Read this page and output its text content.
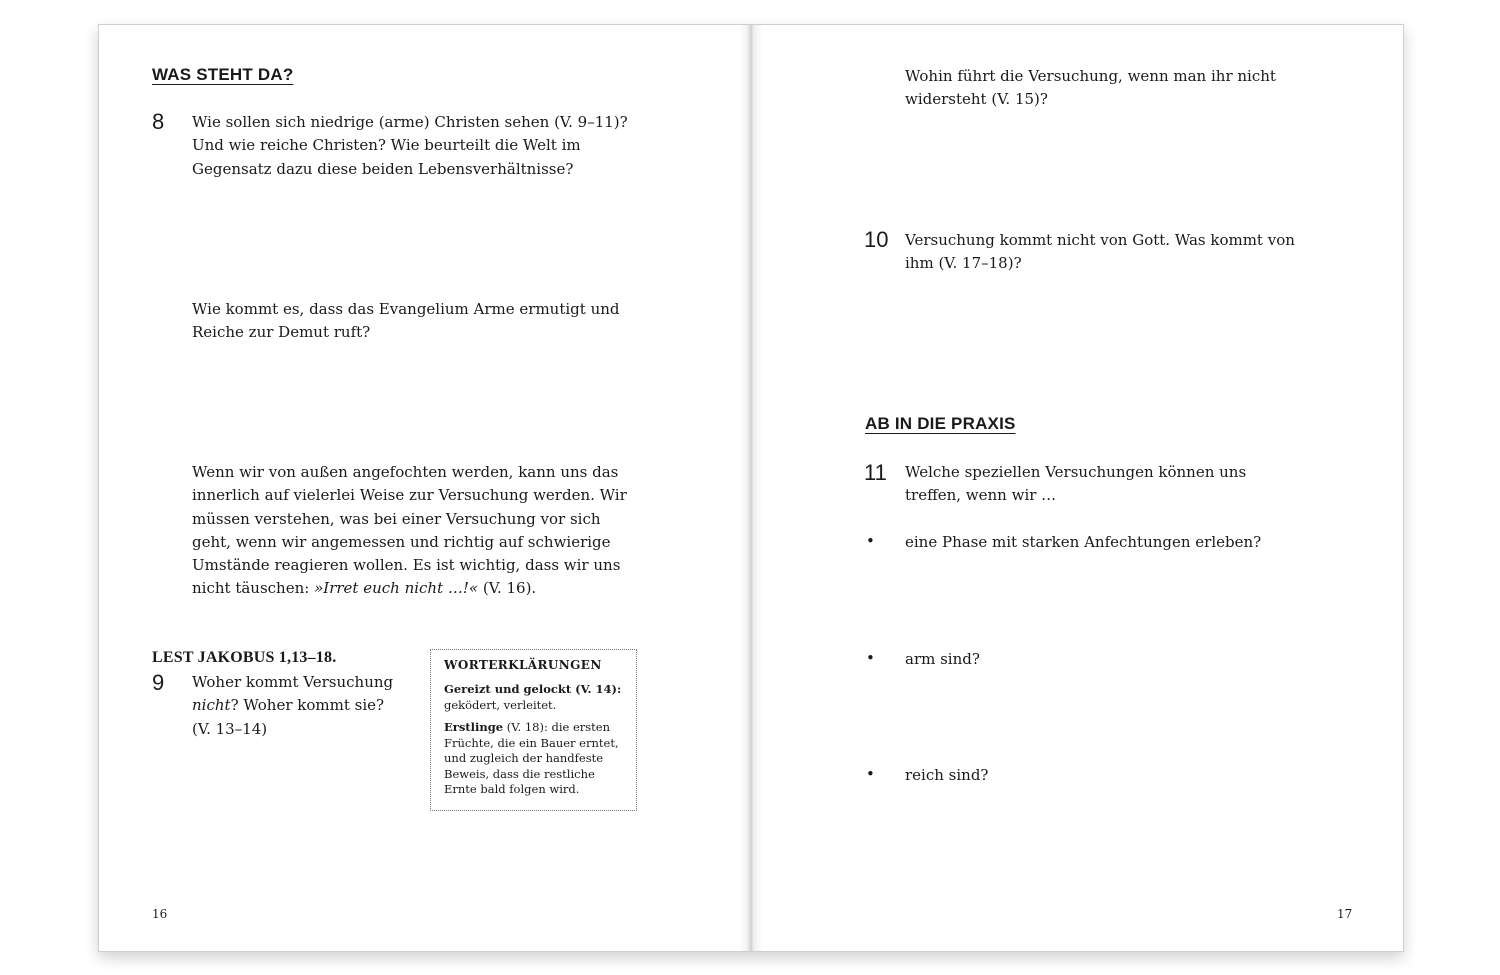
WAS STEHT DA?
8 Wie sollen sich niedrige (arme) Christen sehen (V. 9–11)? Und wie reiche Christen? Wie beurteilt die Welt im Gegensatz dazu diese beiden Lebensverhältnisse?
Wie kommt es, dass das Evangelium Arme ermutigt und Reiche zur Demut ruft?
Wenn wir von außen angefochten werden, kann uns das innerlich auf vielerlei Weise zur Versuchung werden. Wir müssen verstehen, was bei einer Versuchung vor sich geht, wenn wir angemessen und richtig auf schwierige Umstände reagieren wollen. Es ist wichtig, dass wir uns nicht täuschen: »Irret euch nicht …!« (V. 16).
LEST JAKOBUS 1,13–18.
9 Woher kommt Versuchung nicht? Woher kommt sie? (V. 13–14)
WORTERKLÄRUNGEN
Gereizt und gelockt (V. 14): geködert, verleitet.
Erstlinge (V. 18): die ersten Früchte, die ein Bauer erntet, und zugleich der handfeste Beweis, dass die restliche Ernte bald folgen wird.
16
Wohin führt die Versuchung, wenn man ihr nicht widersteht (V. 15)?
10 Versuchung kommt nicht von Gott. Was kommt von ihm (V. 17–18)?
AB IN DIE PRAXIS
11 Welche speziellen Versuchungen können uns treffen, wenn wir …
• eine Phase mit starken Anfechtungen erleben?
• arm sind?
• reich sind?
17
